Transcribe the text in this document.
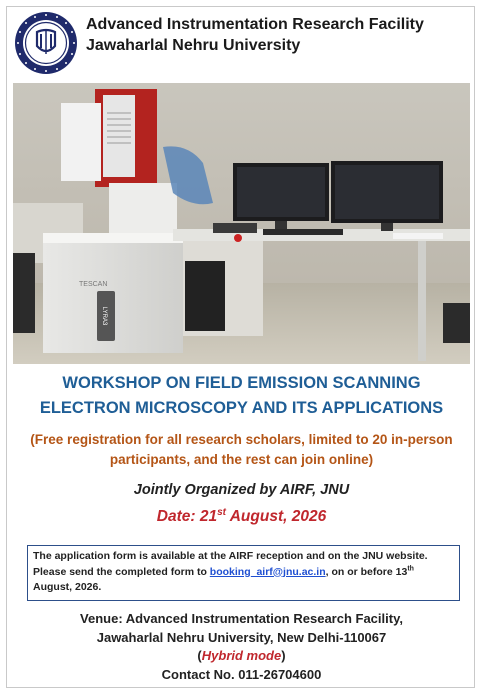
Advanced Instrumentation Research Facility
Jawaharlal Nehru University
TESCAN
LYRA3
WORKSHOP ON FIELD EMISSION SCANNING
ELECTRON MICROSCOPY AND ITS APPLICATIONS
(Free registration for all research scholars, limited to 20 in-person
participants, and the rest can join online)
Jointly Organized by AIRF, JNU
Date: 21st August, 2026
The application form is available at the AIRF reception and on the JNU website.
Please send the completed form to booking_airf@jnu.ac.in, on or before 13th
August, 2026.
Venue: Advanced Instrumentation Research Facility,
Jawaharlal Nehru University, New Delhi-110067
(Hybrid mode)
Contact No. 011-26704600
